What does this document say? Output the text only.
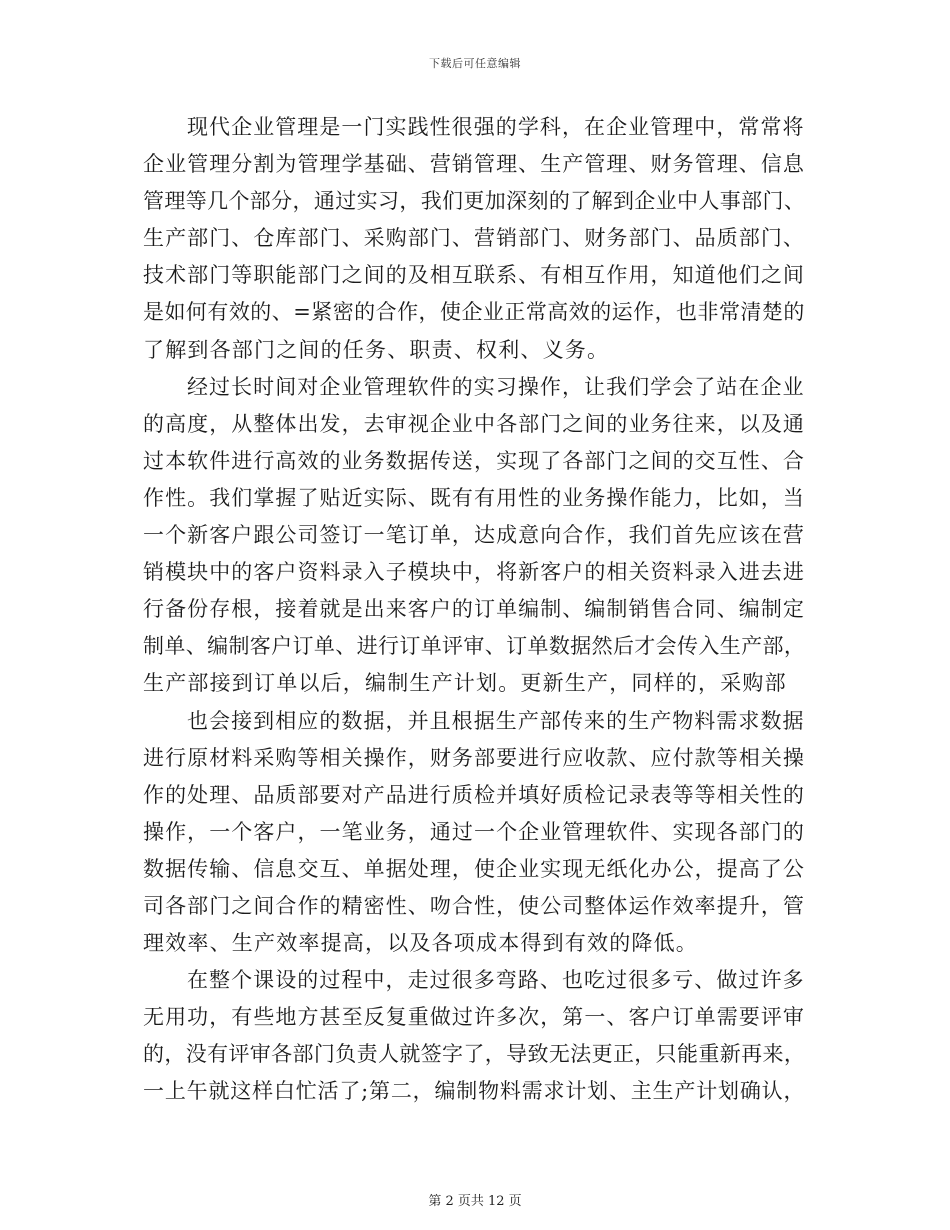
下载后可任意编辑
现代企业管理是一门实践性很强的学科，在企业管理中，常常将
企业管理分割为管理学基础、营销管理、生产管理、财务管理、信息
管理等几个部分，通过实习，我们更加深刻的了解到企业中人事部门、
生产部门、仓库部门、采购部门、营销部门、财务部门、品质部门、
技术部门等职能部门之间的及相互联系、有相互作用，知道他们之间
是如何有效的、=紧密的合作，使企业正常高效的运作，也非常清楚的
了解到各部门之间的任务、职责、权利、义务。
经过长时间对企业管理软件的实习操作，让我们学会了站在企业
的高度，从整体出发，去审视企业中各部门之间的业务往来，以及通
过本软件进行高效的业务数据传送，实现了各部门之间的交互性、合
作性。我们掌握了贴近实际、既有有用性的业务操作能力，比如，当
一个新客户跟公司签订一笔订单，达成意向合作，我们首先应该在营
销模块中的客户资料录入子模块中，将新客户的相关资料录入进去进
行备份存根，接着就是出来客户的订单编制、编制销售合同、编制定
制单、编制客户订单、进行订单评审、订单数据然后才会传入生产部，
生产部接到订单以后，编制生产计划。更新生产，同样的，采购部
也会接到相应的数据，并且根据生产部传来的生产物料需求数据
进行原材料采购等相关操作，财务部要进行应收款、应付款等相关操
作的处理、品质部要对产品进行质检并填好质检记录表等等相关性的
操作，一个客户，一笔业务，通过一个企业管理软件、实现各部门的
数据传输、信息交互、单据处理，使企业实现无纸化办公，提高了公
司各部门之间合作的精密性、吻合性，使公司整体运作效率提升，管
理效率、生产效率提高，以及各项成本得到有效的降低。
在整个课设的过程中，走过很多弯路、也吃过很多亏、做过许多
无用功，有些地方甚至反复重做过许多次，第一、客户订单需要评审
的，没有评审各部门负责人就签字了，导致无法更正，只能重新再来，
一上午就这样白忙活了;第二，编制物料需求计划、主生产计划确认，
第 2 页共 12 页
